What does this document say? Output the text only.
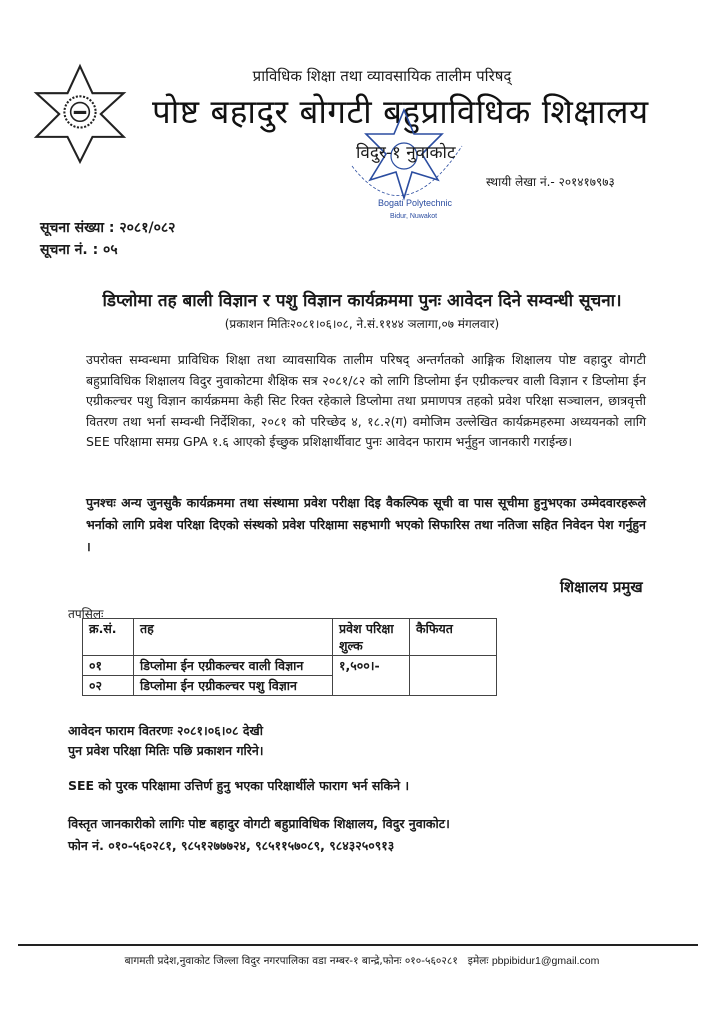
प्राविधिक शिक्षा तथा व्यावसायिक तालीम परिषद्
पोष्ट बहादुर बोगटी बहुप्राविधिक शिक्षालय
Bogati Polytechnic
Bidur, Nuwakot
विदुर-१ नुवाकोट
स्थायी लेखा नं.- २०१४१७९७३
सूचना संख्या : २०८१/०८२
सूचना नं. : ०५
डिप्लोमा तह बाली विज्ञान र पशु विज्ञान कार्यक्रममा पुनः आवेदन दिने सम्वन्धी सूचना।
(प्रकाशन मितिः२०८१।०६।०८, ने.सं.११४४ ञलागा,०७ मंगलवार)
उपरोक्त सम्वन्धमा प्राविधिक शिक्षा तथा व्यावसायिक तालीम परिषद् अन्तर्गतको आङ्गिक शिक्षालय पोष्ट वहादुर वोगटी बहुप्राविधिक शिक्षालय विदुर नुवाकोटमा शैक्षिक सत्र २०८१/८२ को लागि डिप्लोमा ईन एग्रीकल्चर वाली विज्ञान र डिप्लोमा ईन एग्रीकल्चर पशु विज्ञान कार्यक्रममा केही सिट रिक्त रहेकाले डिप्लोमा तथा प्रमाणपत्र तहको प्रवेश परिक्षा सञ्चालन, छात्रवृत्ती वितरण तथा भर्ना सम्वन्धी निर्देशिका, २०८१ को परिच्छेद ४, १८.२(ग) वमोजिम उल्लेखित कार्यक्रमहरुमा अध्ययनको लागि SEE परिक्षामा समग्र GPA १.६ आएको ईच्छुक प्रशिक्षार्थीवाट पुनः आवेदन फाराम भर्नुहुन जानकारी गराईन्छ।
पुनश्चः अन्य जुनसुकै कार्यक्रममा तथा संस्थामा प्रवेश परीक्षा दिइ वैकल्पिक सूची वा पास सूचीमा हुनुभएका उम्मेदवारहरूले भर्नाको लागि प्रवेश परिक्षा दिएको संस्थको प्रवेश परिक्षामा सहभागी भएको सिफारिस तथा नतिजा सहित निवेदन पेश गर्नुहुन ।
शिक्षालय प्रमुख
तपसिलः
क्र.सं.	तह	प्रवेश परिक्षा शुल्क	कैफियत
०१	डिप्लोमा ईन एग्रीकल्चर वाली विज्ञान	१,५००।-	
०२	डिप्लोमा ईन एग्रीकल्चर पशु विज्ञान		
आवेदन फाराम वितरणः २०८१।०६।०८ देखी
पुन प्रवेश परिक्षा मितिः पछि प्रकाशन गरिने।
SEE को पुरक परिक्षामा उत्तिर्ण हुनु भएका परिक्षार्थीले फाराग भर्न सकिने ।
विस्तृत जानकारीको लागिः पोष्ट बहादुर वोगटी बहुप्राविधिक शिक्षालय, विदुर नुवाकोट।
फोन नं. ०१०-५६०२८१, ९८५१२७७७२४, ९८५११५७०८९, ९८४३२५०९१३
बागमती प्रदेश,नुवाकोट जिल्ला विदुर नगरपालिका वडा नम्बर-१ बान्द्रे,फोनः ०१०-५६०२८१ इमेलः pbpibidur1@gmail.com
